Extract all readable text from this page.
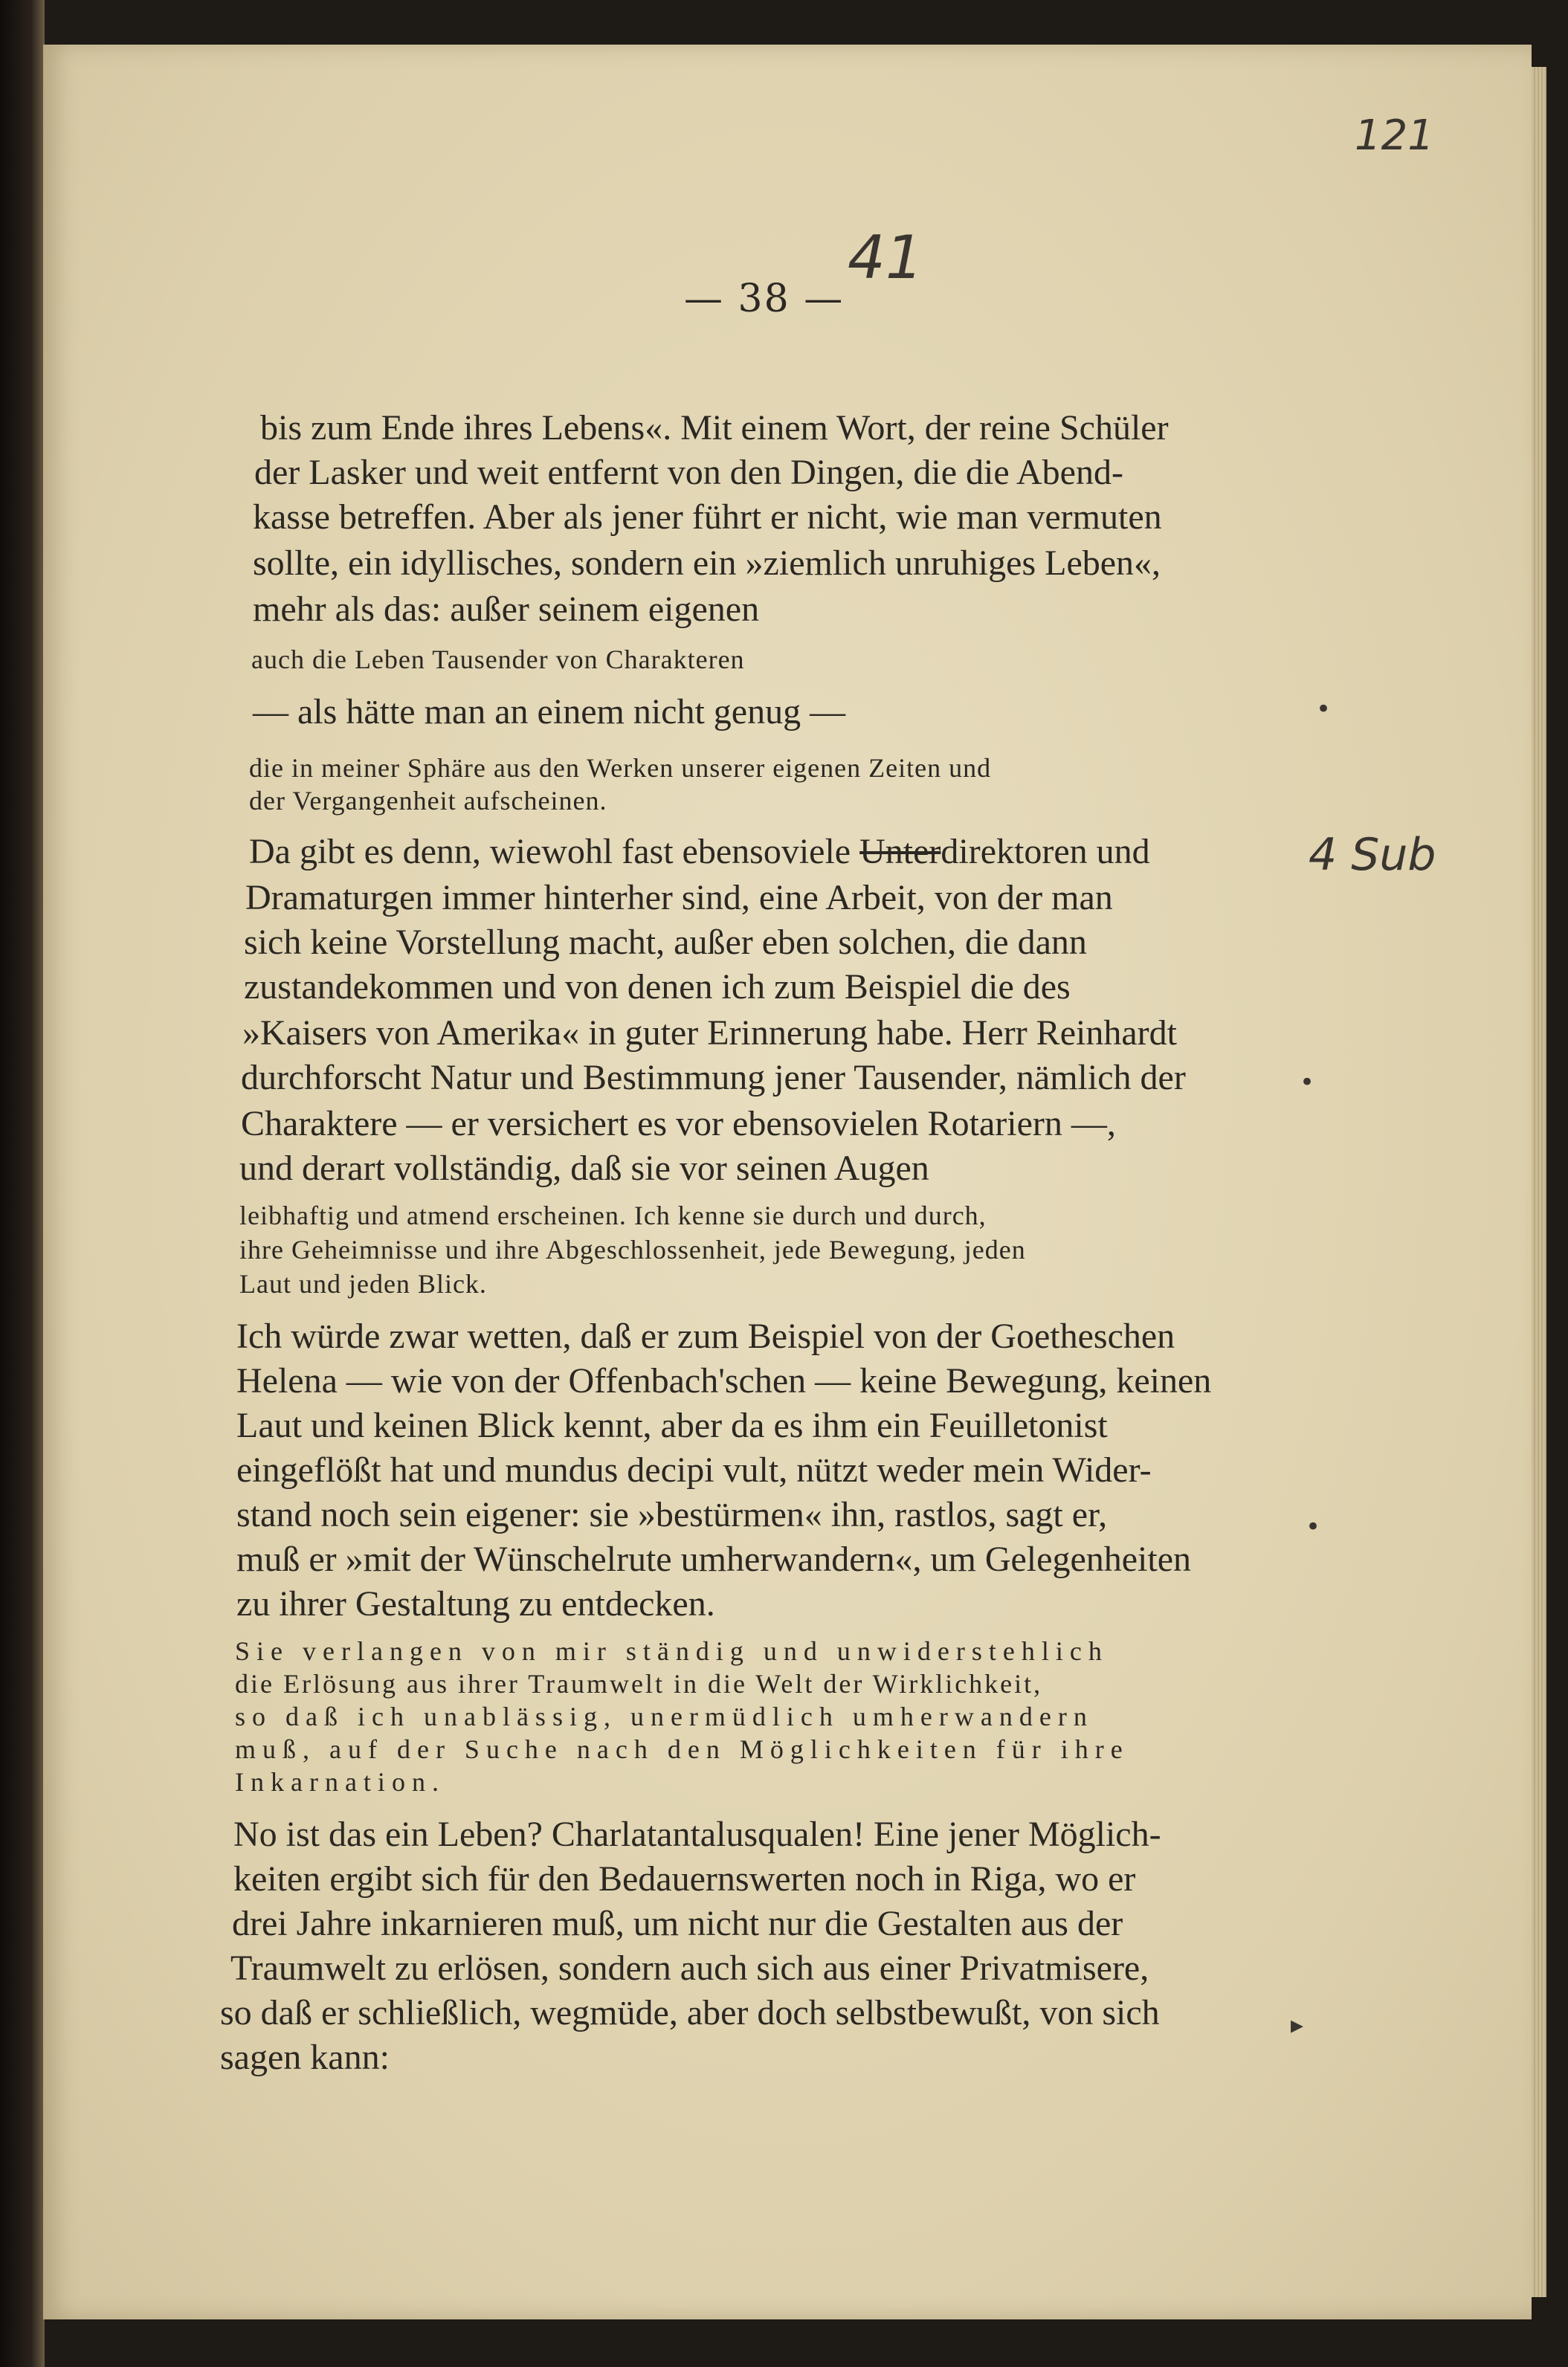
121
— 38 —
41
4 Sub
bis zum Ende ihres Lebens«. Mit einem Wort, der reine Schüler
der Lasker und weit entfernt von den Dingen, die die Abend-
kasse betreffen. Aber als jener führt er nicht, wie man vermuten
sollte, ein idyllisches, sondern ein »ziemlich unruhiges Leben«,
mehr als das: außer seinem eigenen
auch die Leben Tausender von Charakteren
— als hätte man an einem nicht genug —
die in meiner Sphäre aus den Werken unserer eigenen Zeiten und
der Vergangenheit aufscheinen.
Da gibt es denn, wiewohl fast ebensoviele Unterdirektoren und
Dramaturgen immer hinterher sind, eine Arbeit, von der man
sich keine Vorstellung macht, außer eben solchen, die dann
zustandekommen und von denen ich zum Beispiel die des
»Kaisers von Amerika« in guter Erinnerung habe. Herr Reinhardt
durchforscht Natur und Bestimmung jener Tausender, nämlich der
Charaktere — er versichert es vor ebensovielen Rotariern —,
und derart vollständig, daß sie vor seinen Augen
leibhaftig und atmend erscheinen. Ich kenne sie durch und durch,
ihre Geheimnisse und ihre Abgeschlossenheit, jede Bewegung, jeden
Laut und jeden Blick.
Ich würde zwar wetten, daß er zum Beispiel von der Goetheschen
Helena — wie von der Offenbach'schen — keine Bewegung, keinen
Laut und keinen Blick kennt, aber da es ihm ein Feuilletonist
eingeflößt hat und mundus decipi vult, nützt weder mein Wider-
stand noch sein eigener: sie »bestürmen« ihn, rastlos, sagt er,
muß er »mit der Wünschelrute umherwandern«, um Gelegenheiten
zu ihrer Gestaltung zu entdecken.
Sie verlangen von mir ständig und unwiderstehlich
die Erlösung aus ihrer Traumwelt in die Welt der Wirklichkeit,
so daß ich unablässig, unermüdlich umherwandern
muß, auf der Suche nach den Möglichkeiten für ihre
Inkarnation.
No ist das ein Leben? Charlatantalusqualen! Eine jener Möglich-
keiten ergibt sich für den Bedauernswerten noch in Riga, wo er
drei Jahre inkarnieren muß, um nicht nur die Gestalten aus der
Traumwelt zu erlösen, sondern auch sich aus einer Privatmisere,
so daß er schließlich, wegmüde, aber doch selbstbewußt, von sich
sagen kann:
•
•
•
▸
